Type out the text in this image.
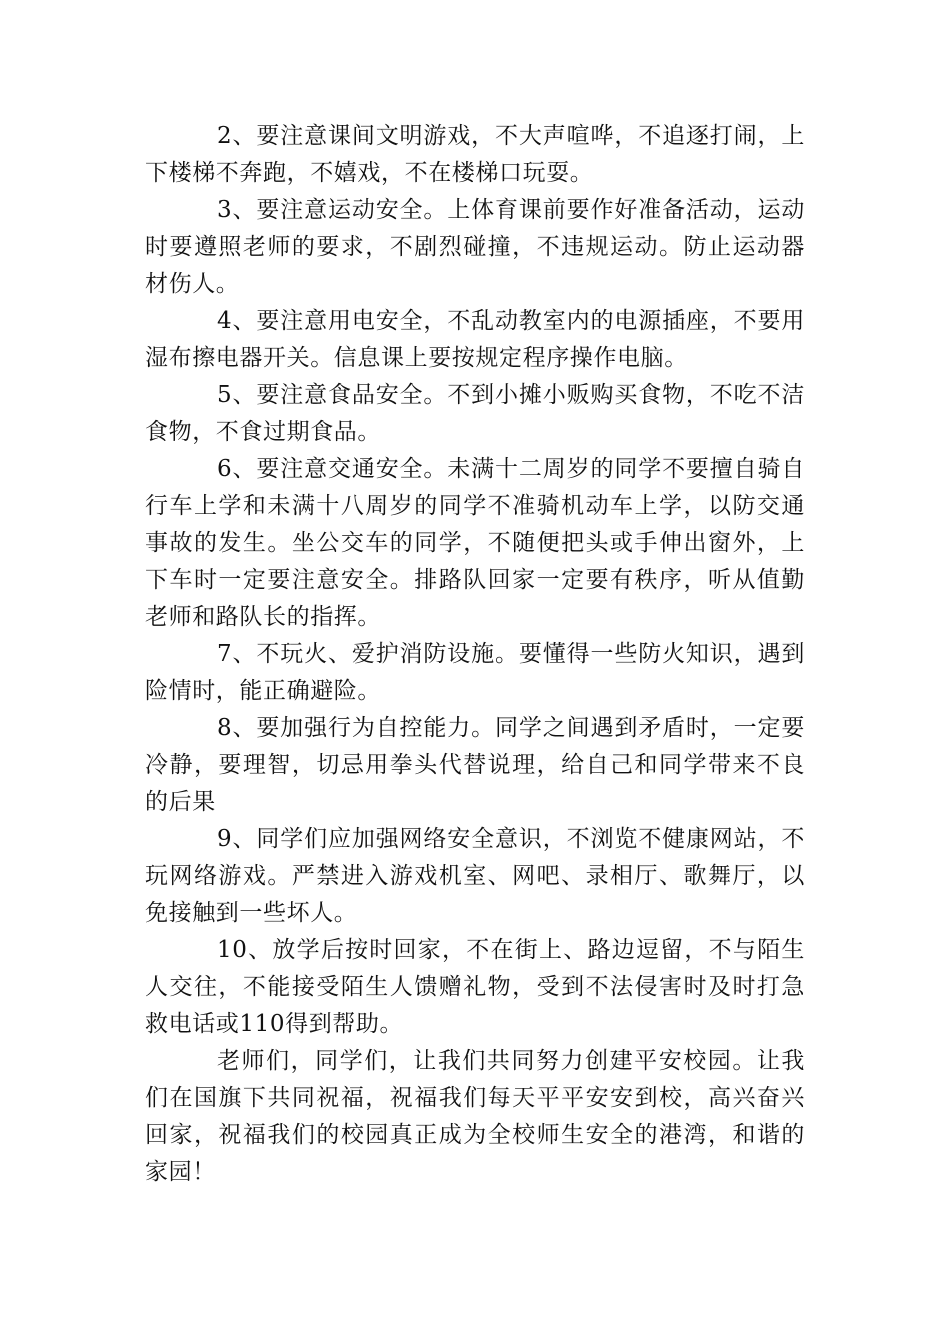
2、要注意课间文明游戏，不大声喧哗，不追逐打闹，上下楼梯不奔跑，不嬉戏，不在楼梯口玩耍。

3、要注意运动安全。上体育课前要作好准备活动，运动时要遵照老师的要求，不剧烈碰撞，不违规运动。防止运动器材伤人。

4、要注意用电安全，不乱动教室内的电源插座，不要用湿布擦电器开关。信息课上要按规定程序操作电脑。

5、要注意食品安全。不到小摊小贩购买食物，不吃不洁食物，不食过期食品。

6、要注意交通安全。未满十二周岁的同学不要擅自骑自行车上学和未满十八周岁的同学不准骑机动车上学，以防交通事故的发生。坐公交车的同学，不随便把头或手伸出窗外，上下车时一定要注意安全。排路队回家一定要有秩序，听从值勤老师和路队长的指挥。

7、不玩火、爱护消防设施。要懂得一些防火知识，遇到险情时，能正确避险。

8、要加强行为自控能力。同学之间遇到矛盾时，一定要冷静，要理智，切忌用拳头代替说理，给自己和同学带来不良的后果

9、同学们应加强网络安全意识，不浏览不健康网站，不玩网络游戏。严禁进入游戏机室、网吧、录相厅、歌舞厅，以免接触到一些坏人。

10、放学后按时回家，不在街上、路边逗留，不与陌生人交往，不能接受陌生人馈赠礼物，受到不法侵害时及时打急救电话或110得到帮助。

老师们，同学们，让我们共同努力创建平安校园。让我们在国旗下共同祝福，祝福我们每天平平安安到校，高兴奋兴回家，祝福我们的校园真正成为全校师生安全的港湾，和谐的家园！
